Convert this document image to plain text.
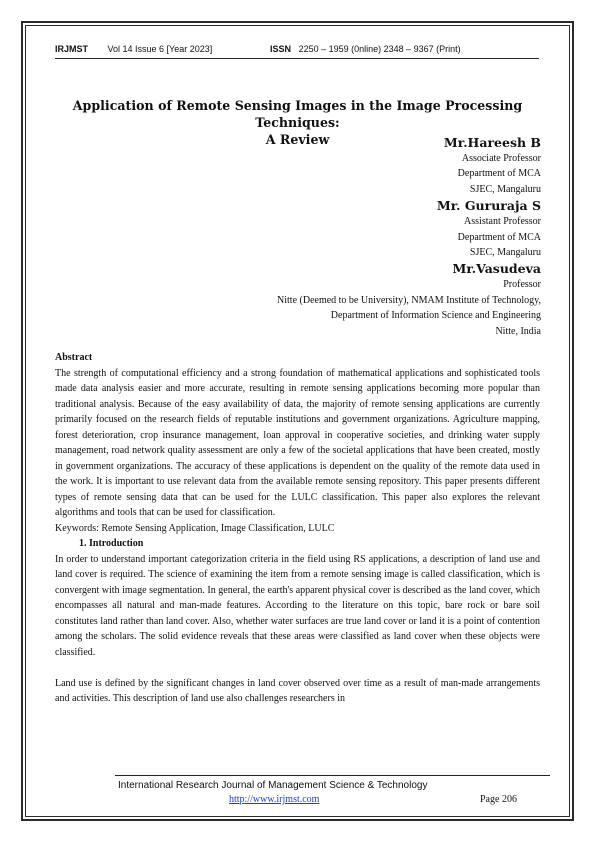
IRJMST Vol 14 Issue 6 [Year 2023]	ISSN 2250 – 1959 (0nline) 2348 – 9367 (Print)
Application of Remote Sensing Images in the Image Processing Techniques:
A Review	Mr.Hareesh B
Associate Professor
Department of MCA
SJEC, Mangaluru
Mr. Gururaja S
Assistant Professor
Department of MCA
SJEC, Mangaluru
Mr.Vasudeva
Professor
Nitte (Deemed to be University), NMAM Institute of Technology,
Department of Information Science and Engineering
Nitte, India
Abstract

The strength of computational efficiency and a strong foundation of mathematical applications and sophisticated tools made data analysis easier and more accurate, resulting in remote sensing applications becoming more popular than traditional analysis. Because of the easy availability of data, the majority of remote sensing applications are currently primarily focused on the research fields of reputable institutions and government organizations. Agriculture mapping, forest deterioration, crop insurance management, loan approval in cooperative societies, and drinking water supply management, road network quality assessment are only a few of the societal applications that have been created, mostly in government organizations. The accuracy of these applications is dependent on the quality of the remote data used in the work. It is important to use relevant data from the available remote sensing repository. This paper presents different types of remote sensing data that can be used for the LULC classification. This paper also explores the relevant algorithms and tools that can be used for classification.

Keywords: Remote Sensing Application, Image Classification, LULC
1. Introduction

In order to understand important categorization criteria in the field using RS applications, a description of land use and land cover is required. The science of examining the item from a remote sensing image is called classification, which is convergent with image segmentation. In general, the earth's apparent physical cover is described as the land cover, which encompasses all natural and man-made features. According to the literature on this topic, bare rock or bare soil constitutes land rather than land cover. Also, whether water surfaces are true land cover or land it is a point of contention among the scholars. The solid evidence reveals that these areas were classified as land cover when these objects were classified.

Land use is defined by the significant changes in land cover observed over time as a result of man-made arrangements and activities. This description of land use also challenges researchers in

International Research Journal of Management Science & Technology
http://www.irjmst.com	Page 206
